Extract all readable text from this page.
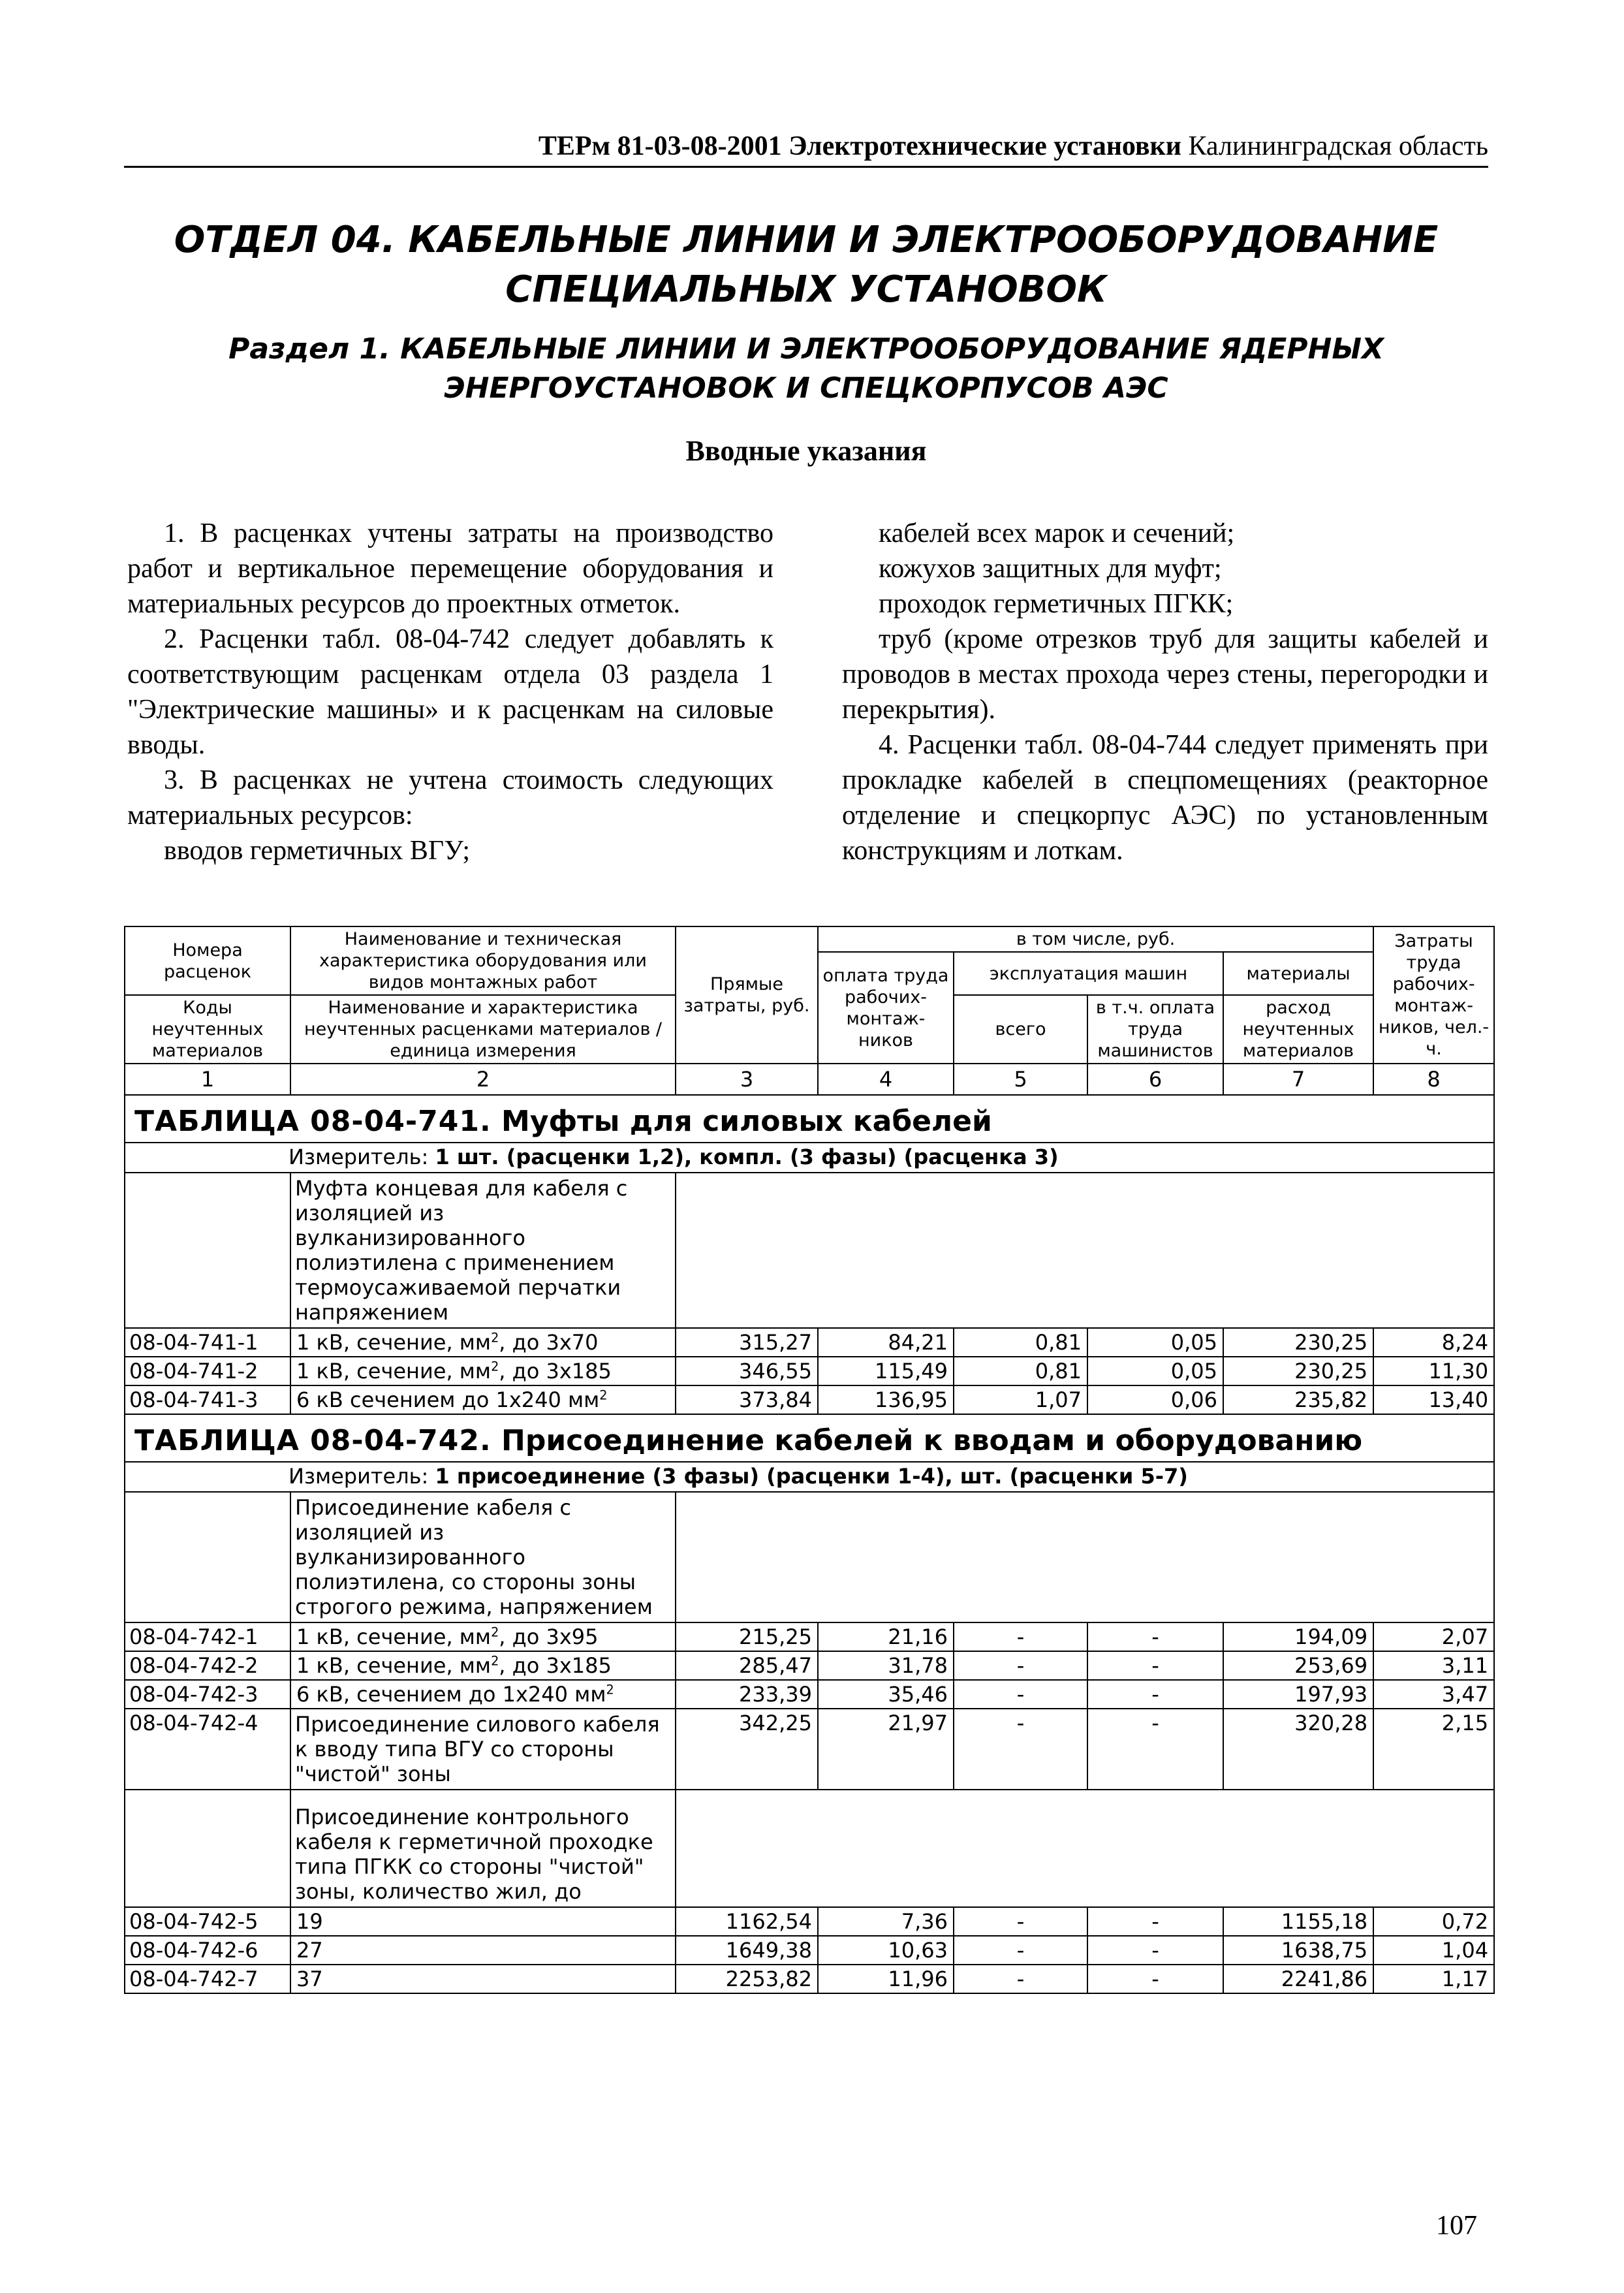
ТЕРм 81-03-08-2001 Электротехнические установки Калининградская область
ОТДЕЛ 04. КАБЕЛЬНЫЕ ЛИНИИ И ЭЛЕКТРООБОРУДОВАНИЕ
СПЕЦИАЛЬНЫХ УСТАНОВОК
Раздел 1. КАБЕЛЬНЫЕ ЛИНИИ И ЭЛЕКТРООБОРУДОВАНИЕ ЯДЕРНЫХ
ЭНЕРГОУСТАНОВОК И СПЕЦКОРПУСОВ АЭС
Вводные указания

1. В расценках учтены затраты на производство работ и вертикальное перемещение оборудования и материальных ресурсов до проектных отметок.

2. Расценки табл. 08-04-742 следует добавлять к соответствующим расценкам отдела 03 раздела 1 "Электрические машины» и к расценкам на силовые вводы.

3. В расценках не учтена стоимость следующих материальных ресурсов:

вводов герметичных ВГУ;

кабелей всех марок и сечений;

кожухов защитных для муфт;

проходок герметичных ПГКК;

труб (кроме отрезков труб для защиты кабелей и проводов в местах прохода через стены, перегородки и перекрытия).

4. Расценки табл. 08-04-744 следует применять при прокладке кабелей в спецпомещениях (реакторное отделение и спецкорпус АЭС) по установленным конструкциям и лоткам.

Номера расценок	Наименование и техническая характеристика оборудования или видов монтажных работ	Прямые затраты, руб.	в том числе, руб.				Затраты труда рабочих-монтаж-ников, чел.-ч.
			оплата труда рабочих-монтаж-ников	эксплуатация машин		материалы	
Коды неучтенных материалов	Наименование и характеристика неучтенных расценками материалов / единица измерения			всего	в т.ч. оплата труда машинистов	расход неучтенных материалов	

1	2	3	4	5	6	7	8
ТАБЛИЦА 08-04-741. Муфты для силовых кабелей							
Измеритель: 1 шт. (расценки 1,2), компл. (3 фазы) (расценка 3)							
	Муфта концевая для кабеля с изоляцией из вулканизированного полиэтилена с применением термоусаживаемой перчатки напряжением						
08-04-741-1	1 кВ, сечение, $мм^2$, до 3х70	315,27	84,21	0,81	0,05	230,25	8,24
08-04-741-2	1 кВ, сечение, $мм^2$, до 3х185	346,55	115,49	0,81	0,05	230,25	11,30
08-04-741-3	6 кВ сечением до 1х240 $мм^2$	373,84	136,95	1,07	0,06	235,82	13,40
ТАБЛИЦА 08-04-742. Присоединение кабелей к вводам и оборудованию							
Измеритель: 1 присоединение (3 фазы) (расценки 1-4), шт. (расценки 5-7)							
	Присоединение кабеля с изоляцией из вулканизированного полиэтилена, со стороны зоны строгого режима, напряжением						
08-04-742-1	1 кВ, сечение, $мм^2$, до 3х95	215,25	21,16	-	-	194,09	2,07
08-04-742-2	1 кВ, сечение, $мм^2$, до 3х185	285,47	31,78	-	-	253,69	3,11
08-04-742-3	6 кВ, сечением до 1х240 $мм^2$	233,39	35,46	-	-	197,93	3,47
08-04-742-4	Присоединение силового кабеля к вводу типа ВГУ со стороны "чистой" зоны	342,25	21,97	-	-	320,28	2,15
	Присоединение контрольного кабеля к герметичной проходке типа ПГКК со стороны "чистой" зоны, количество жил, до						
08-04-742-5	19	1162,54	7,36	-	-	1155,18	0,72
08-04-742-6	27	1649,38	10,63	-	-	1638,75	1,04
08-04-742-7	37	2253,82	11,96	-	-	2241,86	1,17
107
